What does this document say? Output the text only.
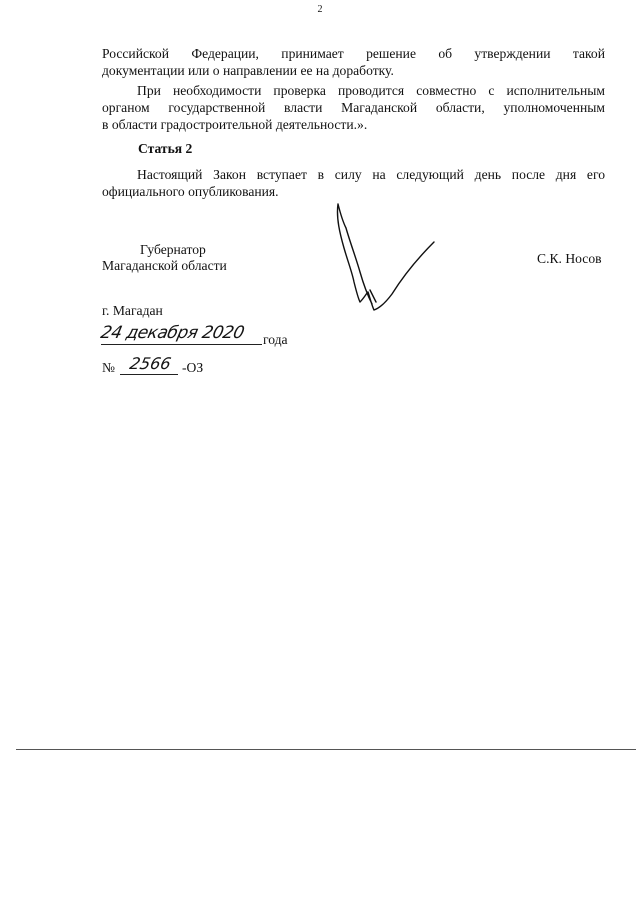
2
Российской Федерации, принимает решение об утверждении такой
документации или о направлении ее на доработку.
При необходимости проверка проводится совместно с исполнительным
органом государственной власти Магаданской области, уполномоченным
в области градостроительной деятельности.».
Статья 2
Настоящий Закон вступает в силу на следующий день после дня его
официального опубликования.
Губернатор
Магаданской области	С.К. Носов
г. Магадан
24 декабря 2020 года
№ 2566 -ОЗ
